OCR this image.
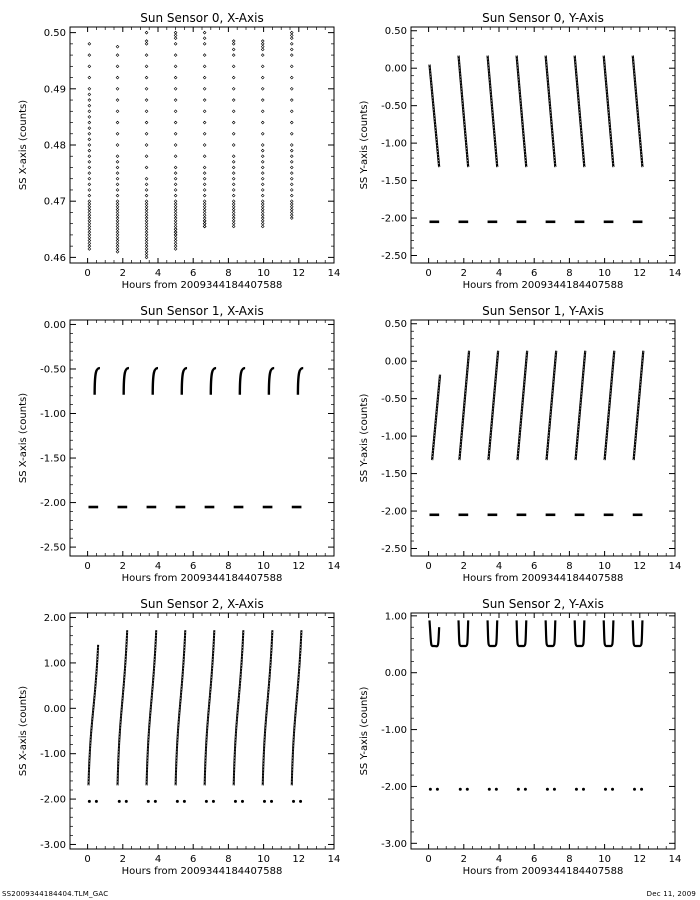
Sun Sensor 0, X-Axis
0	2	4	6	8	10 12 14
0.46
0.47
0.48
0.49
0.50
Hours from 2009344184407588
SS X-axis (counts)
Sun Sensor 0, Y-Axis
0	2	4	6	8	10 12 14
-2.50
-2.00
-1.50
-1.00
-0.50
0.00
0.50
Hours from 2009344184407588
SS Y-axis (counts)
Sun Sensor 1, X-Axis
0	2	4	6	8	10 12 14
-2.50
-2.00
-1.50
-1.00
-0.50
0.00
Hours from 2009344184407588
SS X-axis (counts)
Sun Sensor 1, Y-Axis
0	2	4	6	8	10 12 14
-2.50
-2.00
-1.50
-1.00
-0.50
0.00
0.50
Hours from 2009344184407588
SS Y-axis (counts)
Sun Sensor 2, X-Axis
0	2	4	6	8	10 12 14
-3.00
-2.00
-1.00
0.00
1.00
2.00
Hours from 2009344184407588
SS X-axis (counts)
Sun Sensor 2, Y-Axis
0	2	4	6	8	10 12 14
-3.00
-2.00
-1.00
0.00
1.00
Hours from 2009344184407588
SS Y-axis (counts)
SS2009344184404.TLM_GAC	Dec 11, 2009
